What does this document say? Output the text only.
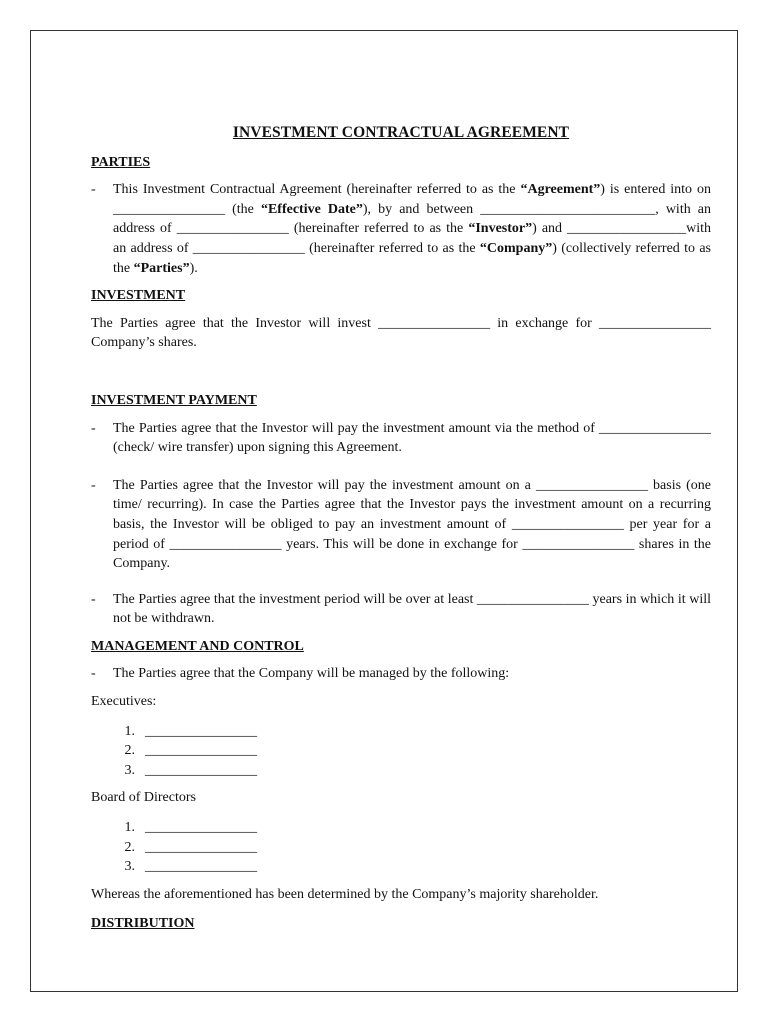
INVESTMENT CONTRACTUAL AGREEMENT
PARTIES
-	This Investment Contractual Agreement (hereinafter referred to as the “Agreement”) is entered into on ________________ (the “Effective Date”), by and between _________________________, with an address of ________________ (hereinafter referred to as the “Investor”) and _________________with an address of ________________ (hereinafter referred to as the “Company”) (collectively referred to as the “Parties”).
INVESTMENT
The Parties agree that the Investor will invest ________________ in exchange for ________________ Company’s shares.
INVESTMENT PAYMENT
-	The Parties agree that the Investor will pay the investment amount via the method of ________________ (check/ wire transfer) upon signing this Agreement.
-	The Parties agree that the Investor will pay the investment amount on a ________________ basis (one time/ recurring). In case the Parties agree that the Investor pays the investment amount on a recurring basis, the Investor will be obliged to pay an investment amount of ________________ per year for a period of ________________ years. This will be done in exchange for ________________ shares in the Company.
-	The Parties agree that the investment period will be over at least ________________ years in which it will not be withdrawn.
MANAGEMENT AND CONTROL
-	The Parties agree that the Company will be managed by the following:
Executives:
1. ________________
2. ________________
3. ________________
Board of Directors
1. ________________
2. ________________
3. ________________
Whereas the aforementioned has been determined by the Company’s majority shareholder.
DISTRIBUTION
